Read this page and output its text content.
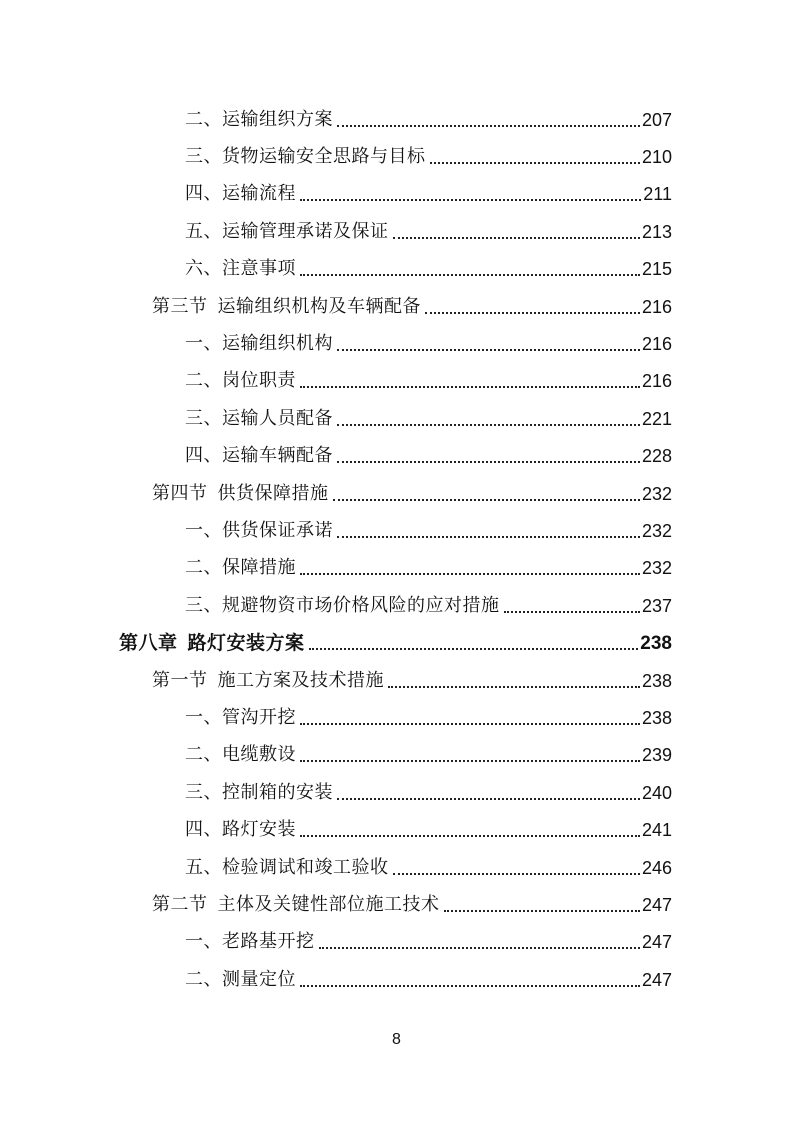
二、运输组织方案	207
三、货物运输安全思路与目标	210
四、运输流程	211
五、运输管理承诺及保证	213
六、注意事项	215
第三节 运输组织机构及车辆配备	216
一、运输组织机构	216
二、岗位职责	216
三、运输人员配备	221
四、运输车辆配备	228
第四节 供货保障措施	232
一、供货保证承诺	232
二、保障措施	232
三、规避物资市场价格风险的应对措施	237
第八章 路灯安装方案	238
第一节 施工方案及技术措施	238
一、管沟开挖	238
二、电缆敷设	239
三、控制箱的安装	240
四、路灯安装	241
五、检验调试和竣工验收	246
第二节 主体及关键性部位施工技术	247
一、老路基开挖	247
二、测量定位	247
8
